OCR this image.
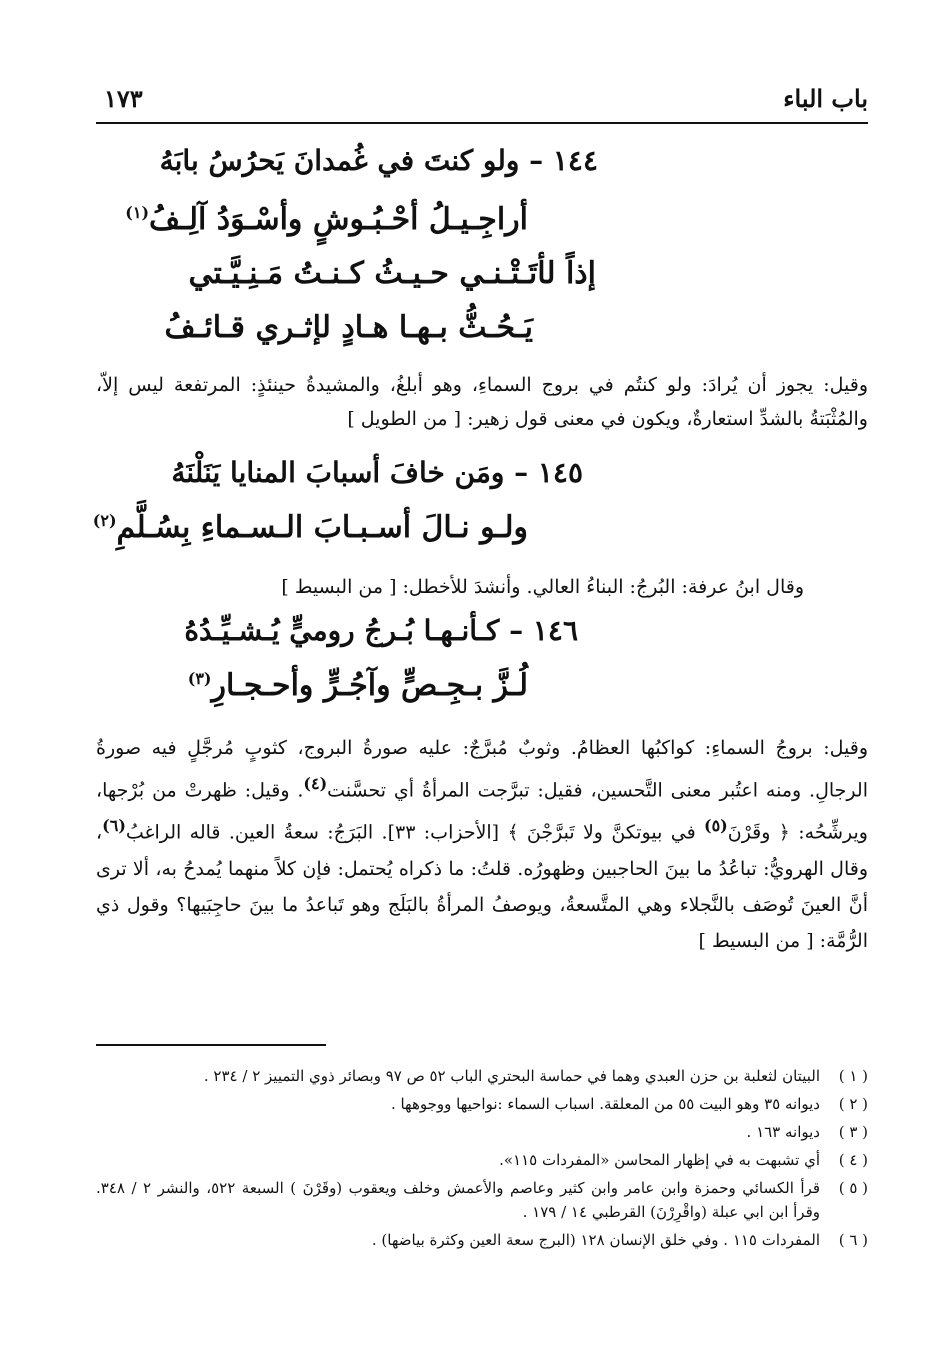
باب الباء
١٧٣
١٤٤ – ولو كنتَ في غُمدانَ يَحرُسُ بابَهُ
أراجِـيـلُ أحْـبُـوشٍ وأسْـوَدُ آلِـفُ$^{(١)}$
إذاً لأتَـتْـنـي حـيـثُ كـنـتُ مَـنِـيَّـتي
يَـحُـثُّ بـهـا هـادٍ لإثـري قـائـفُ

وقيل: يجوز أن يُرادَ: ولو كنتُم في بروج السماءِ، وهو أبلغُ، والمشيدةُ حينئذٍ: المرتفعة ليس إلاّ، والمُثْبَتةُ بالشدِّ استعارةٌ، ويكون في معنى قول زهير: [ من الطويل ]

١٤٥ – ومَن خافَ أسبابَ المنايا يَنَلْنَهُ
ولـو نـالَ أسـبـابَ الـسـماءِ بِسُـلَّمِ$^{(٢)}$

وقال ابنُ عرفة: البُرجُ: البناءُ العالي. وأنشدَ للأخطل: [ من البسيط ]

١٤٦ – كـأنـهـا بُـرجُ روميٍّ يُـشـيِّـدُهُ
لُـزَّ بـجِـصٍّ وآجُـرٍّ وأحـجـارِ$^{(٣)}$

وقيل: بروجُ السماءِ: كواكبُها العظامُ. وثوبٌ مُبرَّجٌ: عليه صورةُ البروج، كثوبٍ مُرجَّلٍ فيه صورةُ الرجالِ. ومنه اعتُبر معنى التَّحسين، فقيل: تبرَّجت المرأةُ أي تحسَّنت$^{(٤)}$. وقيل: ظهرتْ من بُرْجها، ويرشِّحُه: ﴿ وقَرْنَ$^{(٥)}$ في بيوتكنَّ ولا تَبرَّجْنَ ﴾ [الأحزاب: ٣٣]. البَرَجُ: سعةُ العين. قاله الراغبُ$^{(٦)}$، وقال الهرويُّ: تباعُدُ ما بينَ الحاجبين وظهورُه. قلتُ: ما ذكراه يُحتمل: فإن كلاً منهما يُمدحُ به، ألا ترى أنَّ العينَ تُوصَف بالنَّجلاء وهي المتَّسعةُ، ويوصفُ المرأةُ بالبَلَج وهو تَباعدُ ما بينَ حاجِبَيها؟ وقول ذي الرُّمَّة: [ من البسيط ]

( ١ )
البيتان لثعلبة بن حزن العبدي وهما في حماسة البحتري الباب ٥٢ ص ٩٧ وبصائر ذوي التمييز ٢ / ٢٣٤ .
( ٢ )
ديوانه ٣٥ وهو البيت ٥٥ من المعلقة. اسباب السماء :نواحيها ووجوهها .
( ٣ )
ديوانه ١٦٣ .
( ٤ )
أي تشبهت به في إظهار المحاسن «المفردات ١١٥».
( ٥ )
قرأ الكسائي وحمزة وابن عامر وابن كثير وعاصم والأعمش وخلف ويعقوب (وقَرْنَ ) السبعة ٥٢٢، والنشر ٢ / ٣٤٨. وقرأ ابن ابي عبلة (واقْرِرْنَ) القرطبي ١٤ / ١٧٩ .
( ٦ )
المفردات ١١٥ . وفي خلق الإنسان ١٢٨ (البرج سعة العين وكثرة بياضها) .
